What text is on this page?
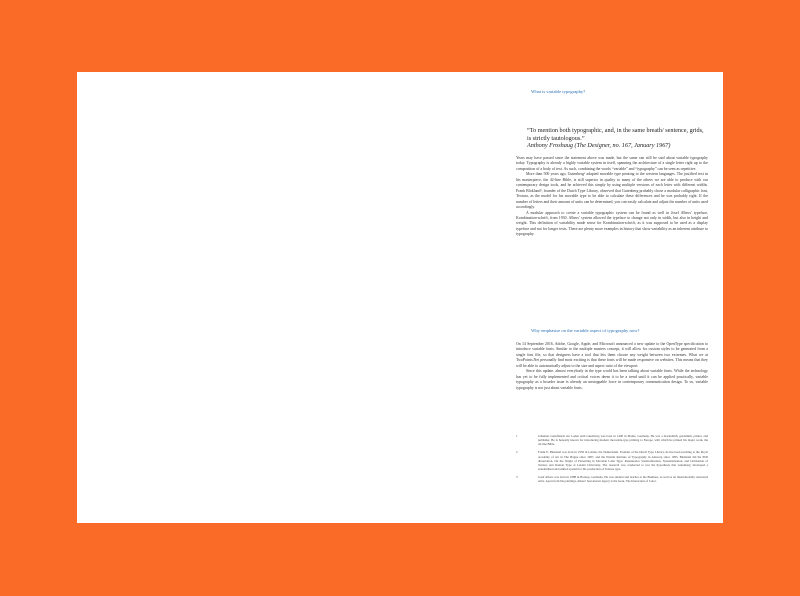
What is variable typography?
“To mention both typographic, and, in the same breath/ sentence, grids, is strictly tautologous.”
Anthony Froshaug (The Designer, no. 167, January 1967)

Years may have passed since the statement above was made, but the same can still be said about variable typography today. Typography is already a highly variable system in itself, spanning the architecture of a single letter right up to the composition of a body of text. As such, combining the words “variable” and “typography” can be seen as repetitive.

More than 500 years ago, Gutenberg¹ adapted movable type printing to the western languages. The justified text in his masterpiece, the 42-line Bible, is still superior in quality to many of the others we are able to produce with our contemporary design tools, and he achieved this simply by using multiple versions of each letter with different widths. Frank Blokland², founder of the Dutch Type Library, observed that Gutenberg probably chose a modular calligraphic font, Textura, as the model for his movable type to be able to calculate these differences and he was probably right. If the number of letters and their amount of units can be determined, you can easily calculate and adjust the number of units used accordingly.

A modular approach to create a variable typographic system can be found as well in Josef Albers’ typeface, Kombination-schrift, from 1930. Albers’ system allowed the typeface to change not only in width, but also in height and weight. This definition of variability made sense for Kombination-schrift, as it was supposed to be used as a display typeface and not for longer texts. There are plenty more examples in history that show variability as an inherent attribute to typography.

Why emphasise on the variable aspect of typography now?

On 14 September 2016, Adobe, Google, Apple, and Microsoft announced a new update to the OpenType specification to introduce variable fonts. Similar to the multiple masters concept, it will allow for custom styles to be generated from a single font file, so that designers have a tool that lets them choose any weight between two extremes. What we at TwoPoints.Net personally find most exciting is that these fonts will be made responsive on websites. This means that they will be able to automatically adjust to the size and aspect ratio of the viewport.

Since this update, almost everybody in the type world has been talking about variable fonts. While the technology has yet to be fully implemented and critical voices deem it to be a trend until it can be applied practically, variable typography as a broader issue is already an unstoppable force in contemporary communication design. To us, variable typography is not just about variable fonts.

1	Johannes Gensfleisch zur Laden zum Gutenberg was born in 1400 in Mainz, Germany. He was a blacksmith, goldsmith, printer, and publisher. He is honestly known for introducing modern moveable-type printing to Europe, with which he printed his major work, the 42-line Bible.
2	Frank E. Blokland was born in 1959 in Leiden, the Netherlands. Founder of the Dutch Type Library, he has been teaching at the Royal Academy of Art in The Hague since 1987, and the Plantin Institute of Typography in Antwerp since 1995. Blokland did his PhD dissertation, On the Origin of Patterning in Movable Latin Type: Renaissance Standardisation, Systematisation, and Unitisation of Textura and Roman Type at Leiden University, The research was conducted to test the hypothesis that Gutenberg developed a standardised and unified system for the production of Textura type.
3	Josef Albers was born in 1888 in Bottrop, Germany. He was student and teacher at the Bauhaus, as well as an internationally renowned artist. Apart from his paintings, Albers' best known legacy is the book, The Interaction of Color.
